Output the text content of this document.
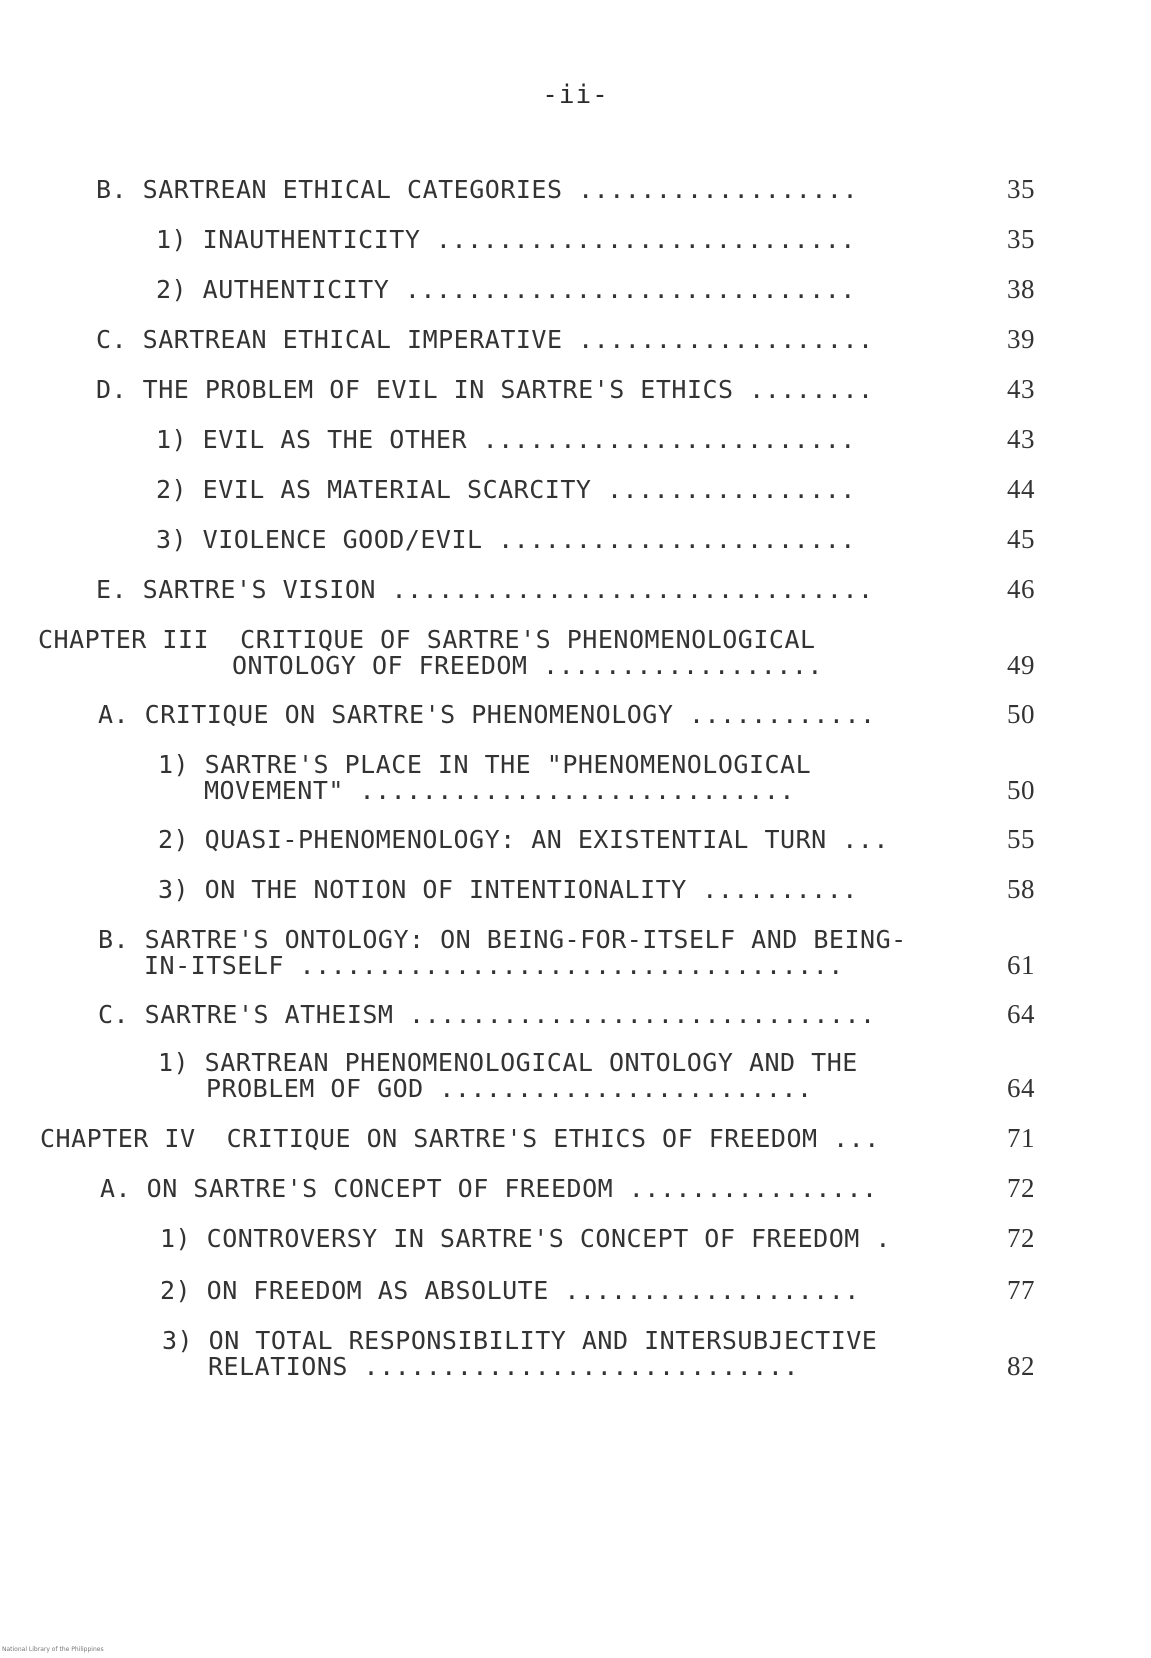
-ii-
B. SARTREAN ETHICAL CATEGORIES ..................	35
1) INAUTHENTICITY ...........................	35
2) AUTHENTICITY .............................	38
C. SARTREAN ETHICAL IMPERATIVE ...................	39
D. THE PROBLEM OF EVIL IN SARTRE'S ETHICS ........	43
1) EVIL AS THE OTHER ........................	43
2) EVIL AS MATERIAL SCARCITY ................	44
3) VIOLENCE GOOD/EVIL .......................	45
E. SARTRE'S VISION ...............................	46
CHAPTER III  CRITIQUE OF SARTRE'S PHENOMENOLOGICAL
ONTOLOGY OF FREEDOM ..................	49
A. CRITIQUE ON SARTRE'S PHENOMENOLOGY ............	50
1) SARTRE'S PLACE IN THE "PHENOMENOLOGICAL
MOVEMENT" ............................	50
2) QUASI-PHENOMENOLOGY: AN EXISTENTIAL TURN ...	55
3) ON THE NOTION OF INTENTIONALITY ..........	58
B. SARTRE'S ONTOLOGY: ON BEING-FOR-ITSELF AND BEING-
IN-ITSELF ...................................	61
C. SARTRE'S ATHEISM ..............................	64
1) SARTREAN PHENOMENOLOGICAL ONTOLOGY AND THE
PROBLEM OF GOD ........................	64
CHAPTER IV  CRITIQUE ON SARTRE'S ETHICS OF FREEDOM ...	71
A. ON SARTRE'S CONCEPT OF FREEDOM ................	72
1) CONTROVERSY IN SARTRE'S CONCEPT OF FREEDOM .	72
2) ON FREEDOM AS ABSOLUTE ...................	77
3) ON TOTAL RESPONSIBILITY AND INTERSUBJECTIVE
RELATIONS ............................	82
National Library of the Philippines
